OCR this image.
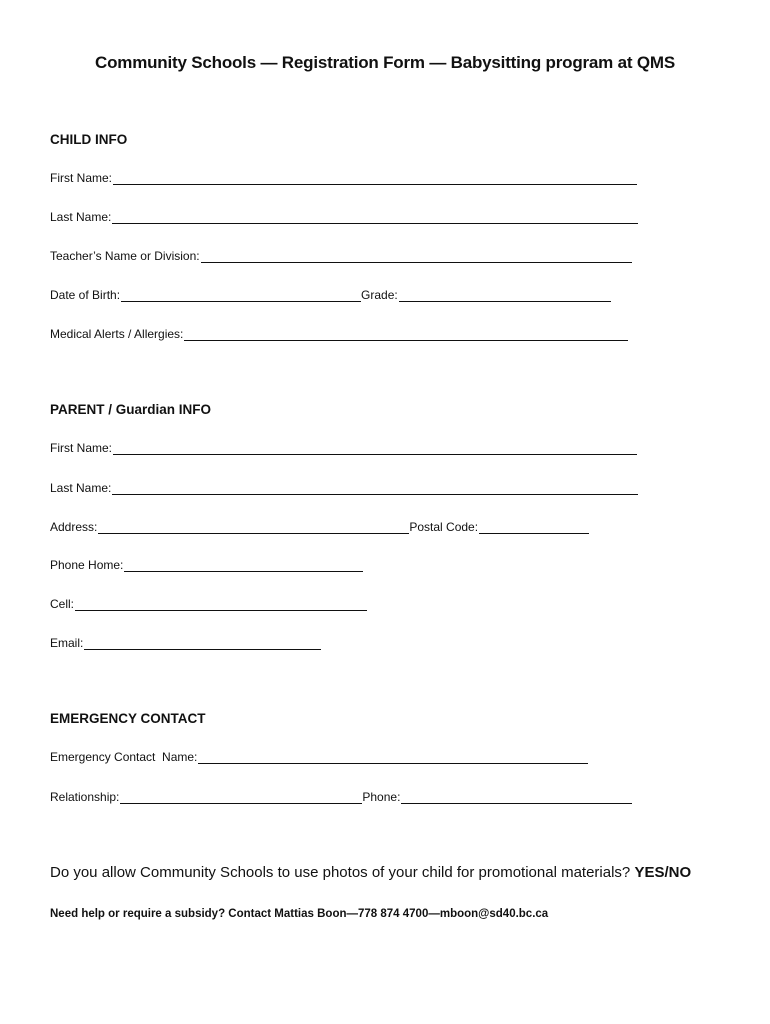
Community Schools — Registration Form — Babysitting program at QMS
CHILD INFO
First Name:
Last Name:
Teacher’s Name or Division:
Date of Birth:	Grade:
Medical Alerts / Allergies:
PARENT / Guardian INFO
First Name:
Last Name:
Address:	Postal Code:
Phone Home:
Cell:
Email:
EMERGENCY CONTACT
Emergency Contact  Name:
Relationship:	Phone:
Do you allow Community Schools to use photos of your child for promotional materials? YES/NO
Need help or require a subsidy? Contact Mattias Boon—778 874 4700—mboon@sd40.bc.ca
